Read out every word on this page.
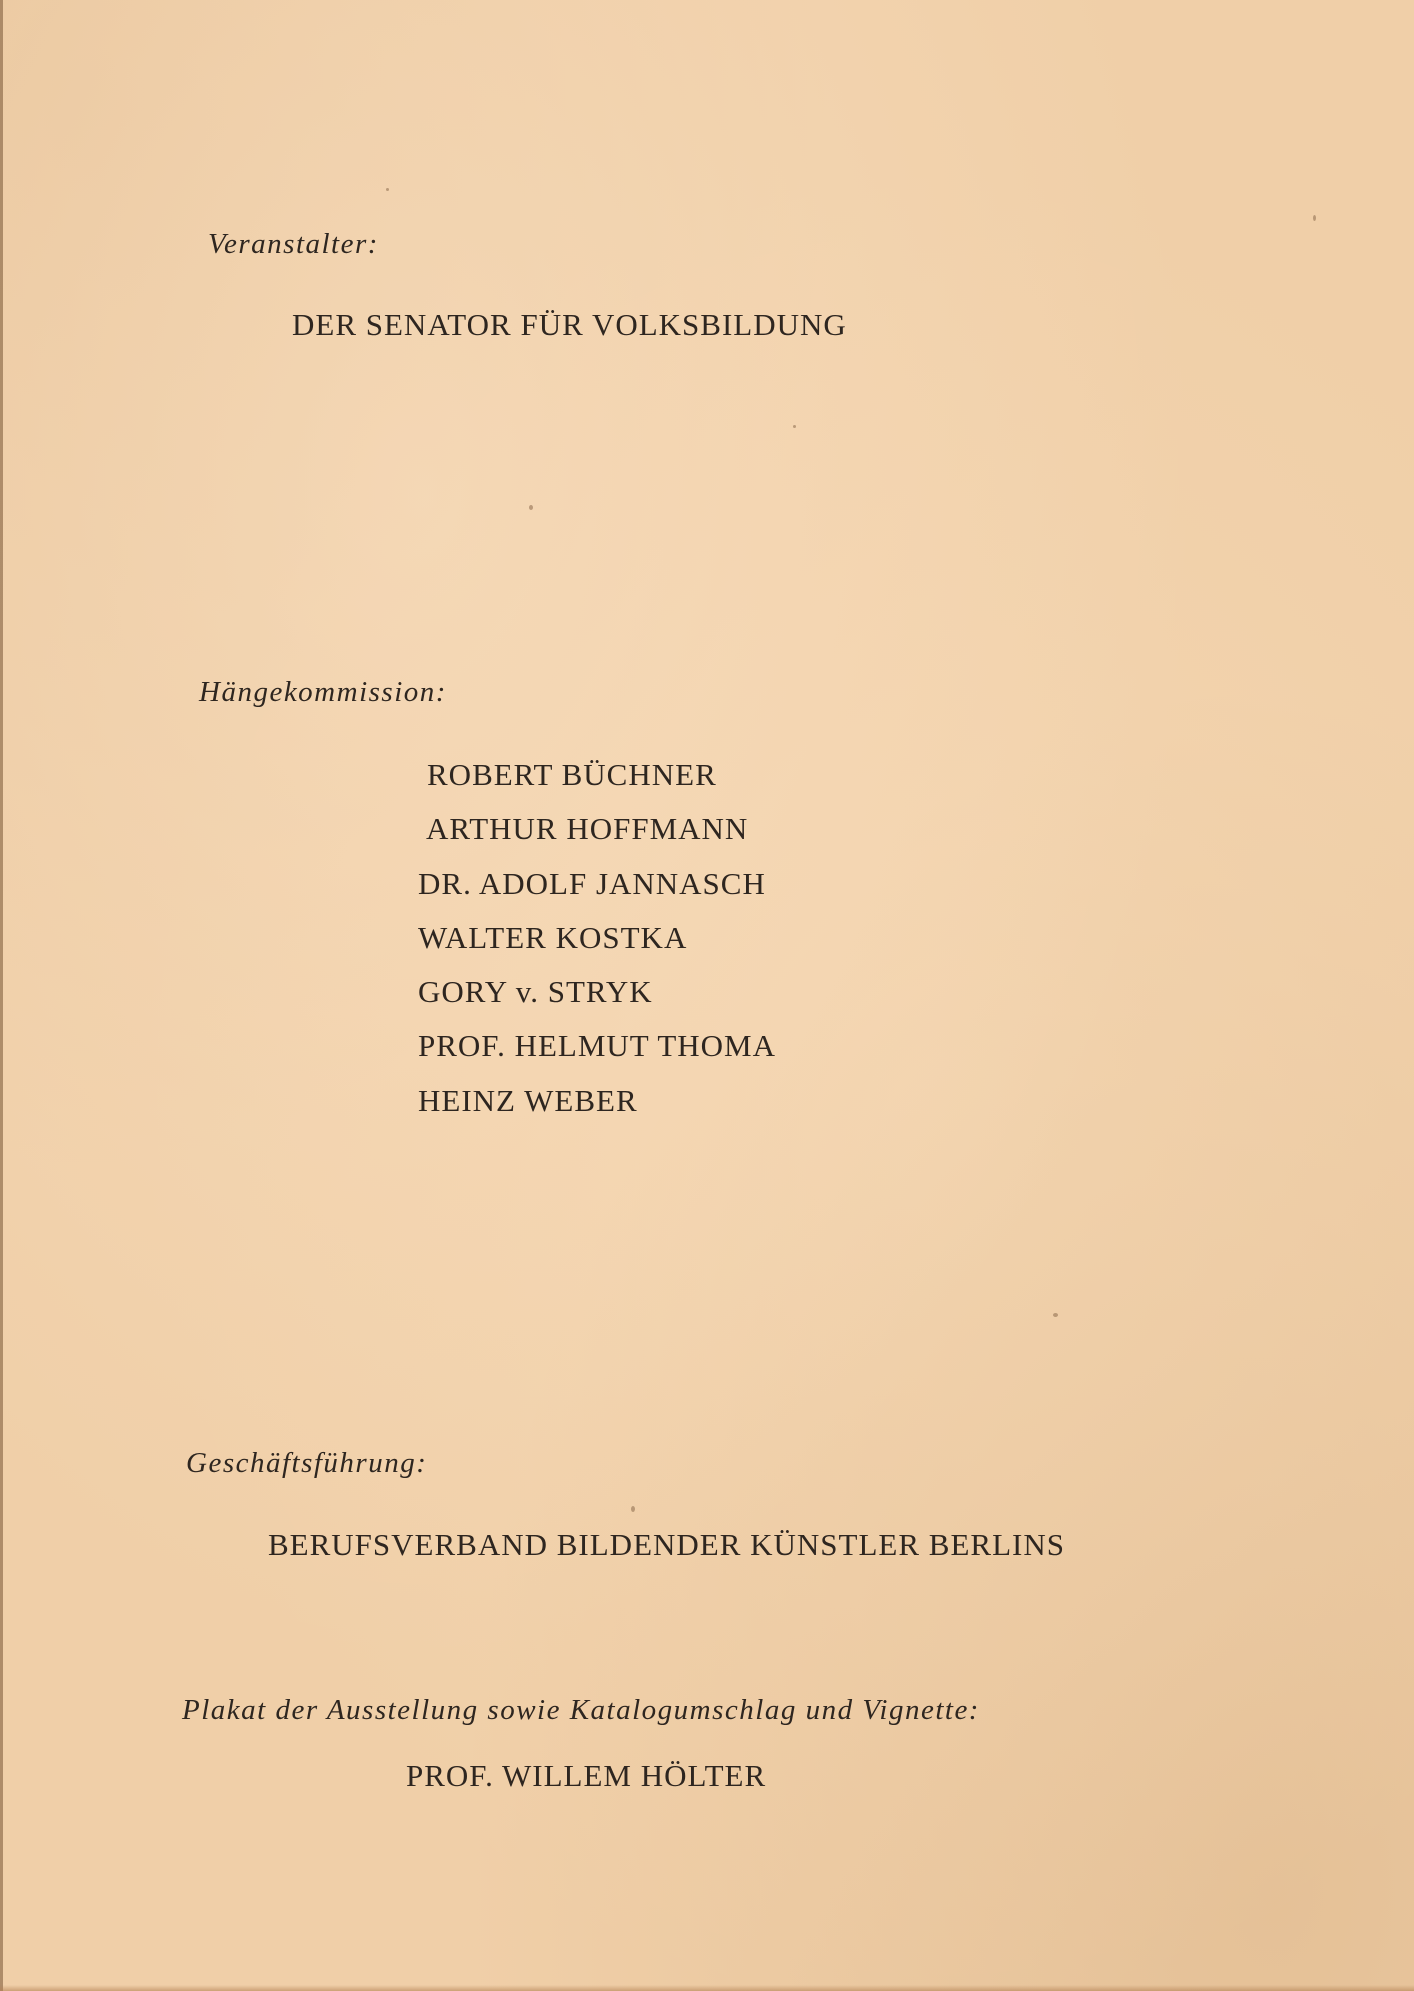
Veranstalter:
DER SENATOR FÜR VOLKSBILDUNG
Hängekommission:
ROBERT BÜCHNER
ARTHUR HOFFMANN
DR. ADOLF JANNASCH
WALTER KOSTKA
GORY v. STRYK
PROF. HELMUT THOMA
HEINZ WEBER
Geschäftsführung:
BERUFSVERBAND BILDENDER KÜNSTLER BERLINS
Plakat der Ausstellung sowie Katalogumschlag und Vignette:
PROF. WILLEM HÖLTER
